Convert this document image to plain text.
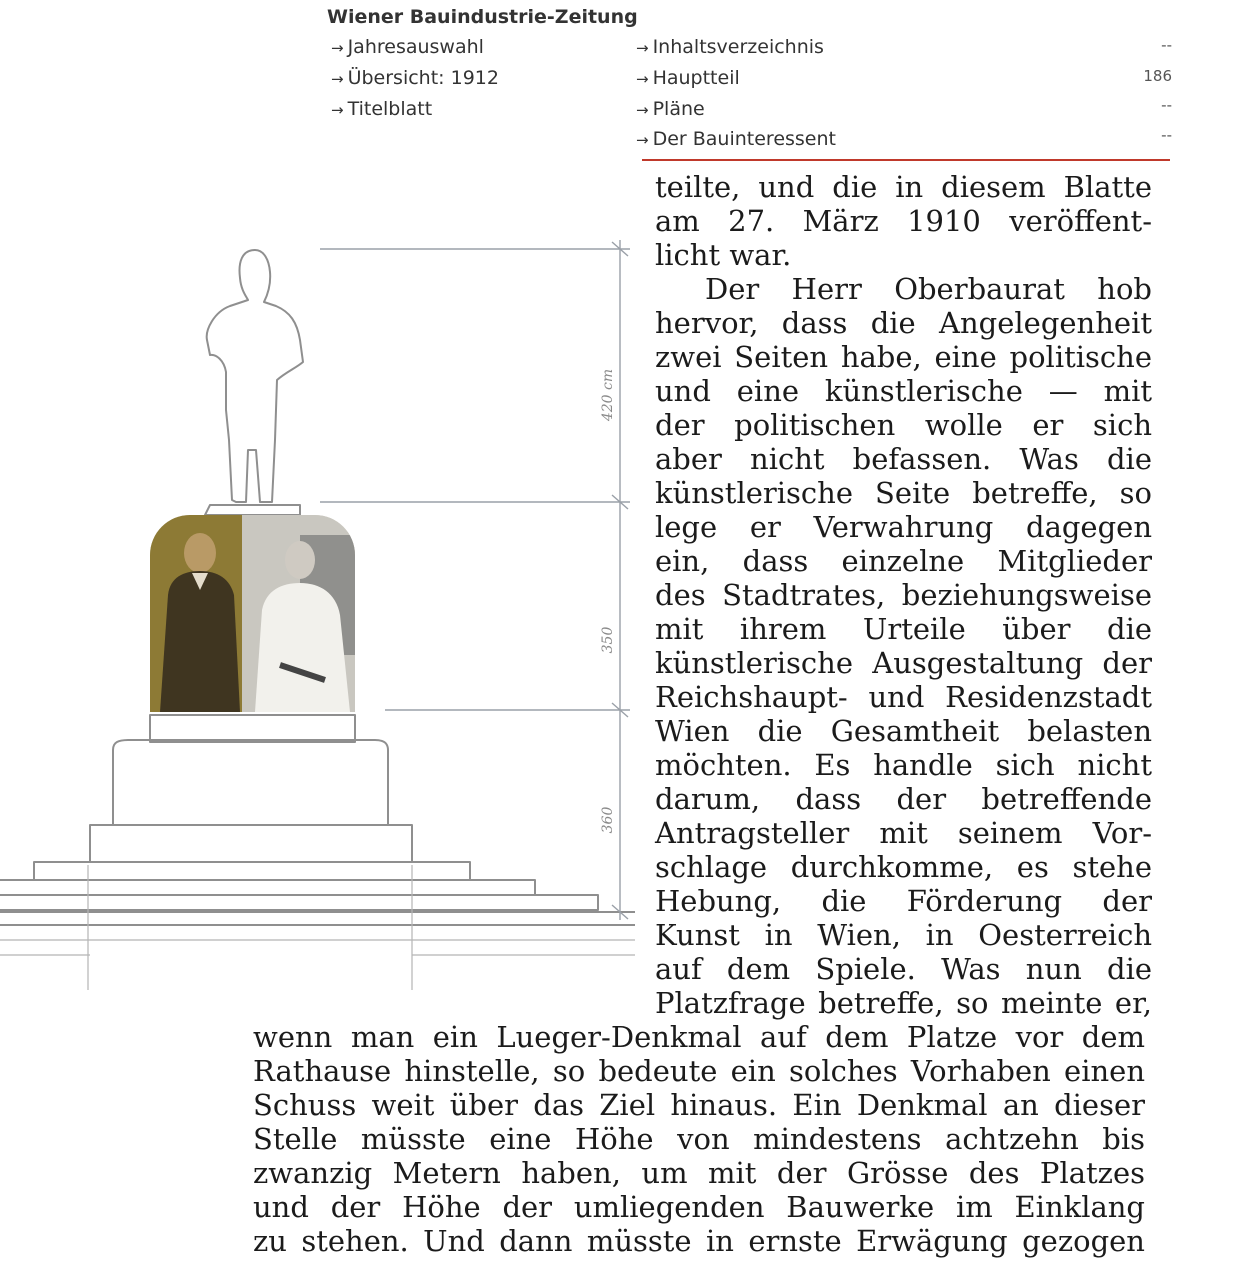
Wiener Bauindustrie-Zeitung
→ Jahresauswahl
→ Übersicht: 1912
→ Titelblatt
→ Inhaltsverzeichnis
→ Hauptteil
→ Pläne
→ Der Bauinteressent
--
186
--
--
420 cm
350
360
teilte, und die in diesem Blatte
am 27. März 1910 veröffent-
licht war.
Der Herr Oberbaurat hob
hervor, dass die Angelegenheit
zwei Seiten habe, eine politische
und eine künstlerische — mit
der politischen wolle er sich
aber nicht befassen. Was die
künstlerische Seite betreffe, so
lege er Verwahrung dagegen
ein, dass einzelne Mitglieder
des Stadtrates, beziehungsweise
mit ihrem Urteile über die
künstlerische Ausgestaltung der
Reichshaupt- und Residenzstadt
Wien die Gesamtheit belasten
möchten. Es handle sich nicht
darum, dass der betreffende
Antragsteller mit seinem Vor-
schlage durchkomme, es stehe
Hebung, die Förderung der
Kunst in Wien, in Oesterreich
auf dem Spiele. Was nun die
Platzfrage betreffe, so meinte er,
wenn man ein Lueger-Denkmal auf dem Platze vor dem
Rathause hinstelle, so bedeute ein solches Vorhaben einen
Schuss weit über das Ziel hinaus. Ein Denkmal an dieser
Stelle müsste eine Höhe von mindestens achtzehn bis
zwanzig Metern haben, um mit der Grösse des Platzes
und der Höhe der umliegenden Bauwerke im Einklang
zu stehen. Und dann müsste in ernste Erwägung gezogen
